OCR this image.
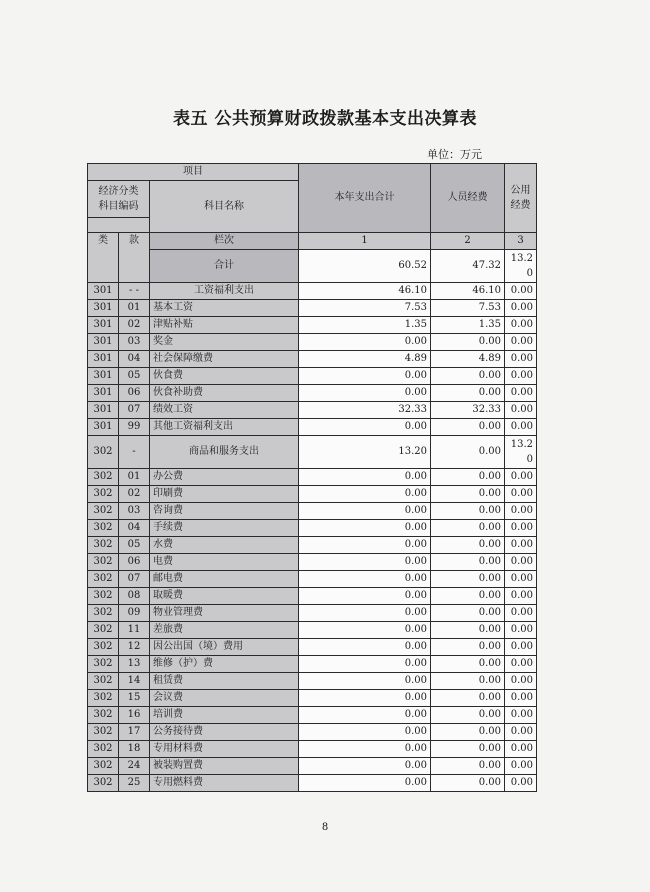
表五 公共预算财政拨款基本支出决算表
单位：万元
项目			本年支出合计	人员经费	公用经费
经济分类
科目编码		科目名称			

类	款	栏次	1	2	3
		合计	60.52	47.32	13.20
301	- -	工资福利支出	46.10	46.10	0.00
301	01	基本工资	7.53	7.53	0.00
301	02	津贴补贴	1.35	1.35	0.00
301	03	奖金	0.00	0.00	0.00
301	04	社会保障缴费	4.89	4.89	0.00
301	05	伙食费	0.00	0.00	0.00
301	06	伙食补助费	0.00	0.00	0.00
301	07	绩效工资	32.33	32.33	0.00
301	99	其他工资福利支出	0.00	0.00	0.00
302	-	商品和服务支出	13.20	0.00	13.20
302	01	办公费	0.00	0.00	0.00
302	02	印刷费	0.00	0.00	0.00
302	03	咨询费	0.00	0.00	0.00
302	04	手续费	0.00	0.00	0.00
302	05	水费	0.00	0.00	0.00
302	06	电费	0.00	0.00	0.00
302	07	邮电费	0.00	0.00	0.00
302	08	取暖费	0.00	0.00	0.00
302	09	物业管理费	0.00	0.00	0.00
302	11	差旅费	0.00	0.00	0.00
302	12	因公出国（境）费用	0.00	0.00	0.00
302	13	维修（护）费	0.00	0.00	0.00
302	14	租赁费	0.00	0.00	0.00
302	15	会议费	0.00	0.00	0.00
302	16	培训费	0.00	0.00	0.00
302	17	公务接待费	0.00	0.00	0.00
302	18	专用材料费	0.00	0.00	0.00
302	24	被装购置费	0.00	0.00	0.00
302	25	专用燃料费	0.00	0.00	0.00
8
